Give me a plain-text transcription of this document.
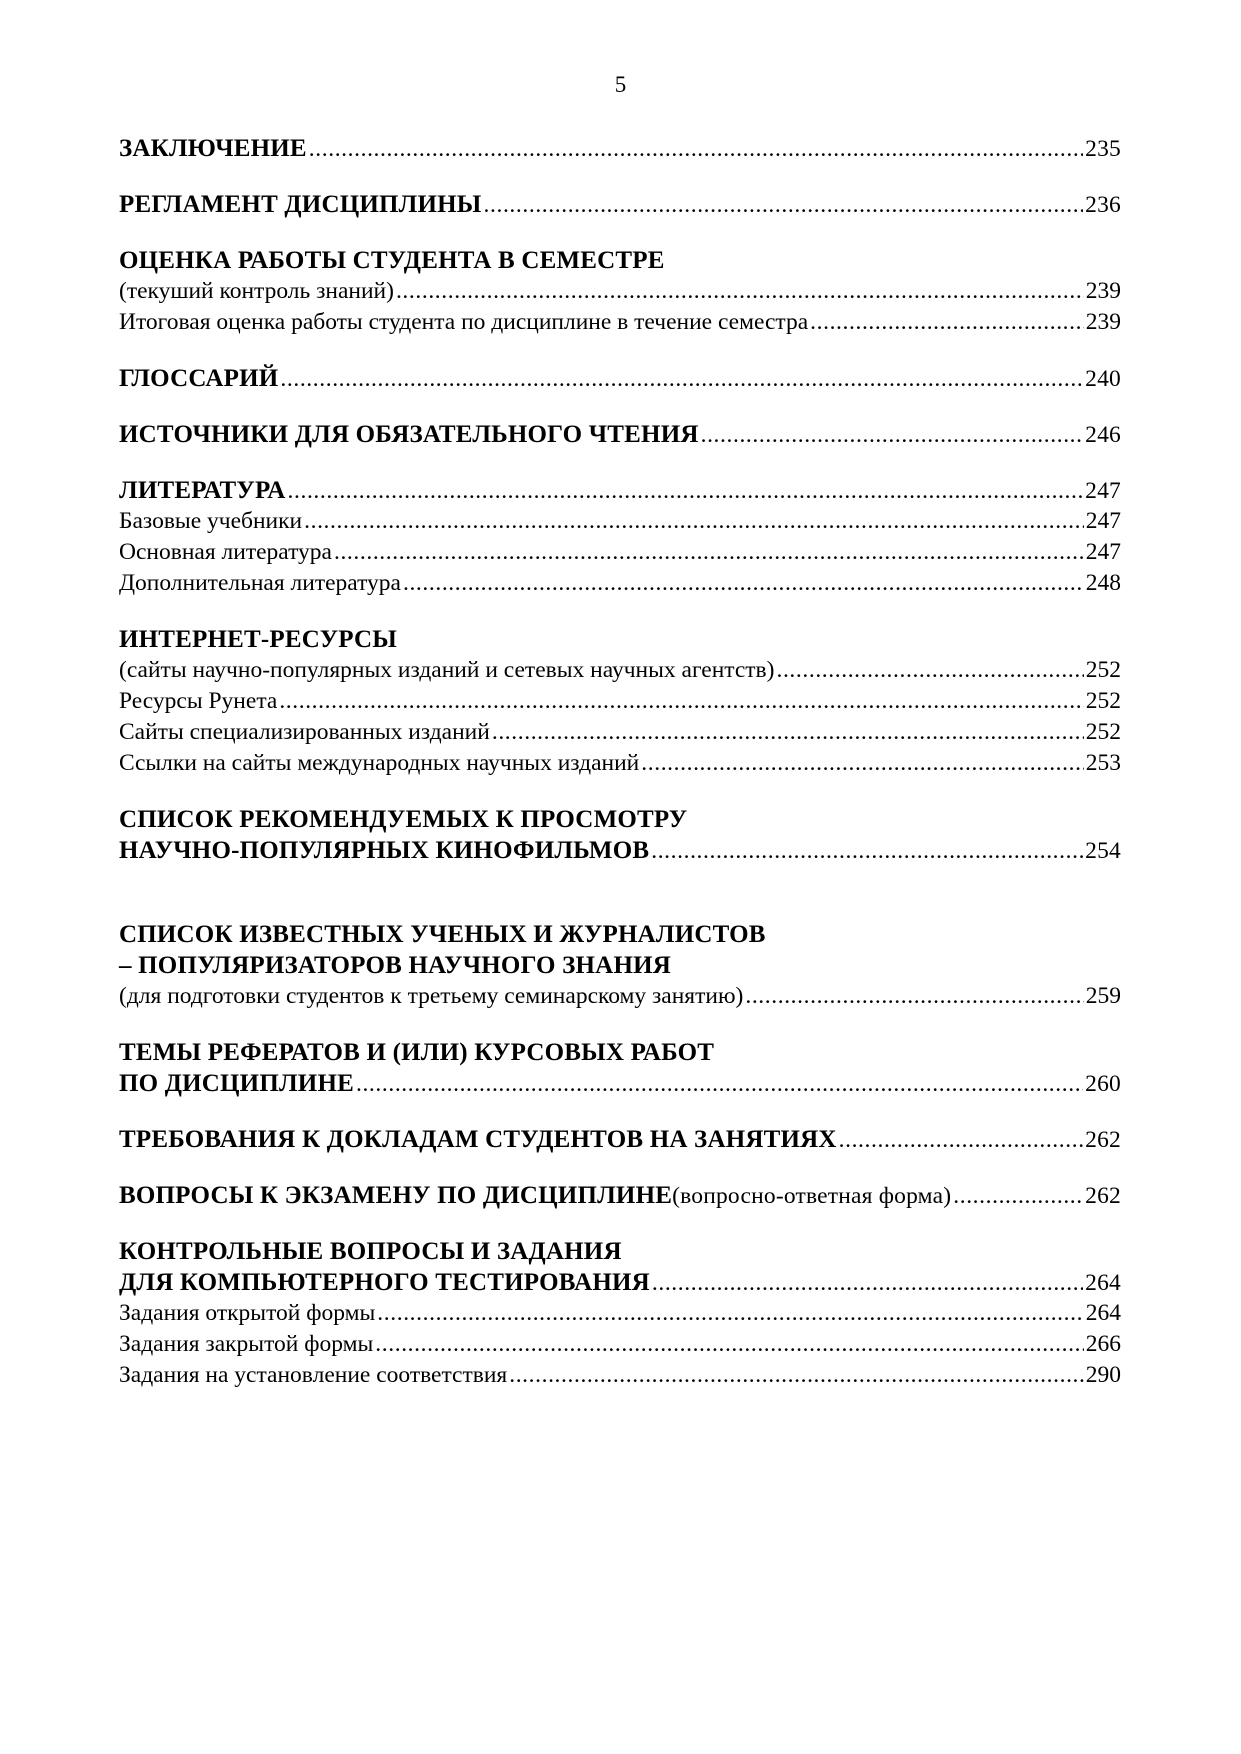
5
ЗАКЛЮЧЕНИЕ .....	235
РЕГЛАМЕНТ ДИСЦИПЛИНЫ .....	236
ОЦЕНКА РАБОТЫ СТУДЕНТА В СЕМЕСТРЕ
(текуший контроль знаний) .....	239
Итоговая оценка работы студента по дисциплине в течение семестра .....	239
ГЛОССАРИЙ .....	240
ИСТОЧНИКИ ДЛЯ ОБЯЗАТЕЛЬНОГО ЧТЕНИЯ .....	246
ЛИТЕРАТУРА .....	247
Базовые учебники .....	247
Основная литература .....	247
Дополнительная литература .....	248
ИНТЕРНЕТ-РЕСУРСЫ
(сайты научно-популярных изданий и сетевых научных агентств) .....	252
Ресурсы Рунета .....	252
Сайты специализированных изданий .....	252
Ссылки на сайты международных научных изданий .....	253
СПИСОК РЕКОМЕНДУЕМЫХ К ПРОСМОТРУ
НАУЧНО-ПОПУЛЯРНЫХ КИНОФИЛЬМОВ .....	254
СПИСОК ИЗВЕСТНЫХ УЧЕНЫХ И ЖУРНАЛИСТОВ
– ПОПУЛЯРИЗАТОРОВ НАУЧНОГО ЗНАНИЯ
(для подготовки студентов к третьему семинарскому занятию) .....	259
ТЕМЫ РЕФЕРАТОВ И (ИЛИ) КУРСОВЫХ РАБОТ
ПО ДИСЦИПЛИНЕ .....	260
ТРЕБОВАНИЯ К ДОКЛАДАМ СТУДЕНТОВ НА ЗАНЯТИЯХ .....	262
ВОПРОСЫ К ЭКЗАМЕНУ ПО ДИСЦИПЛИНЕ (вопросно-ответная форма) .....	262
КОНТРОЛЬНЫЕ ВОПРОСЫ И ЗАДАНИЯ
ДЛЯ КОМПЬЮТЕРНОГО ТЕСТИРОВАНИЯ .....	264
Задания открытой формы .....	264
Задания закрытой формы .....	266
Задания на установление соответствия .....	290
